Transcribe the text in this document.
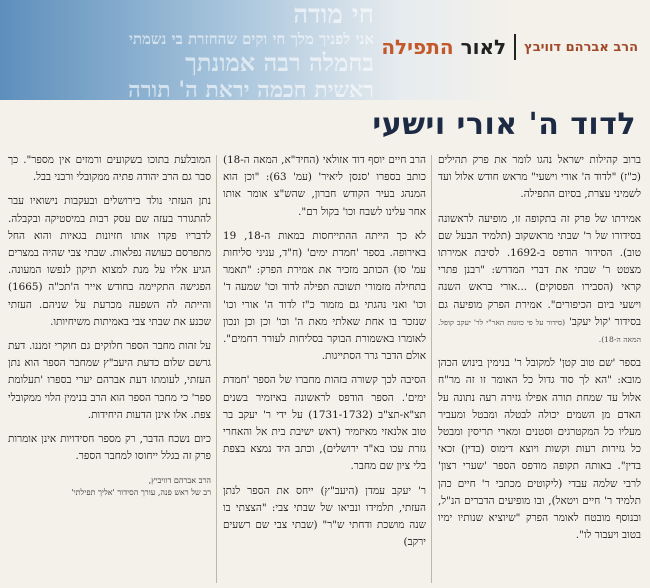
חי מודה
אני לפניך מלך חי וקים שהחזרת בי נשמתי
בחמלה רבה אמונתך
ראשית חכמה יראת ה' תורה
לאור התפילה	הרב אברהם דוויבץ
לדוד ה' אורי וישעי

ברוב קהילות ישראל נהגו לומר את פרק תהילים (כ"ז) "לדוד ה' אורי וישעי" מראש חודש אלול ועד לשמיני עצרת, בסיום התפילה.

אמירתו של פרק זה בתקופה זו, מופיעה לראשונה בסידורו של ר' שבתי מראשקוב (תלמיד הבעל שם טוב). הסידור הודפס ב-1692. לסיבת אמירתו מצטט ר' שבתי את דברי המדרש: "רבנן פתרי קראי (הסבירו הפסוקים) ...אורי בראש השנה וישעי ביום הכיפורים". אמירת הפרק מופיעה גם בסידור 'קול יעקב' (סידור על פי כוונות האר"י לר' יעקב קופל. המאה ה-18).

בספר 'שם טוב קטן' למקובל ר' בנימין בינוש הכהן מובא: "הא לך סוד גדול כל האומר זו זה מר"ח אלול עד שמחת תורה אפילו גזירה רעה נתונה על האדם מן השמים יכולה לבטלה ומבטל ומעביר מעליו כל המקטרגים וסטנים ומארי תריסין ומבטל כל גזירות רעות וקשות ויוצא דימוס (בדין) זכאי בדין". באותה תקופה מודפס הספר 'שערי רצון' לרבי שלמה עבדי (ליקוטים מכתבי ר' חיים כהן תלמיד ר' חיים ויטאל), ובו מופיעים הדברים הנ"ל, ובנוסף מובטח לאומר הפרק "שיוציא שנותיו ימיו בטוב ויעבור לו".

הרב חיים יוסף דוד אזולאי (החיד"א, המאה ה-18) כותב בספרו 'סנסן ליאיר' (עמ' 63): "וכן הוא המנהג בעיר הקודש חברון, שהש"צ אומר אותו אחר עלינו לשבח וכו' בקול רם".

לא כך הייתה ההתייחסות במאות ה-18, 19 באירופה. בספר 'חמדת ימים' (ח"ד, עניני סליחות עמ' סו) הכותב מזכיר את אמירת הפרק: "תאמר בתחילה מזמורי תשובה תפילה לדוד וכו' שמעה ד' וכו' ואני נהגתי גם מזמור כ"ז לדוד ה' אורי וכו' שנזכר בו אחת שאלתי מאת ה' וכו' וכן וכן ונכון לאומרו באשמורת הבוקר בסליחות לעורר רחמים". אולם הדבר גרר הסתייגות.

הסיבה לכך קשורה בזהות מחברו של הספר 'חמדת ימים'. הספר הודפס לראשונה באיזמיר בשנים תצ"א-תצ"ב (1731-1732) על ידי ר' יעקב בר טוב אלנאזי מאיזמיר (ראש ישיבת בית אל והאחרי גזרת עכו בא"ד ירושלים), וכתב היד נמצא בצפת בלי ציון שם מחבר.

ר' יעקב עמדן (היעב"ץ) ייחס את הספר לנתן העזתי, תלמידו ונביאו של שבתי צבי: "הצצתי בו שנה מושכת ודחתי ש"ר" (שבתי צבי שם רשעים ירקב)

המובלעת בתוכו בשקועים ורמזים אין מספר". כך סבר גם הרב יהודה פתיה ממקובלי ורבני בבל.

נתן העזתי נולד בירושלים ובעקבות נישואיו עבר להתגורר בעזה שם עסק רבות במיסטיקה ובקבלה. לדבריו פקדו אותו חזיונות בגאיות והוא החל מתפרסם כעושה נפלאות. שבתי צבי שהיה במצרים הגיע אליו על מנת למצוא תיקון לנפשו המעונה. הפגישה התקיימה בחודש אייר ה'תכ"ה (1665) והייתה לה השפעה מכרעת על שניהם. העזתי שכנע את שבתי צבי באמיתות משיחיותו.

על זהות מחבר הספר חלוקים גם חוקרי זמננו. דעת גרשם שלום כדעת היעב"ץ שמחבר הספר הוא נתן העזתי, לעומתו דעת אברהם יערי בספרו 'תעלומת ספר' כי מחבר הספר הוא הרב בנימין הלוי ממקובלי צפת. אלו אינן הדעות היחידות.

כיום נשכח הדבר, רק מספר חסידויות אינן אומרות פרק זה בגלל ייחוסו למחבר הספר.

הרב אברהם דוויביץ,
רב של ראש פנה, עורך הסידור 'אליך תפילתי'
